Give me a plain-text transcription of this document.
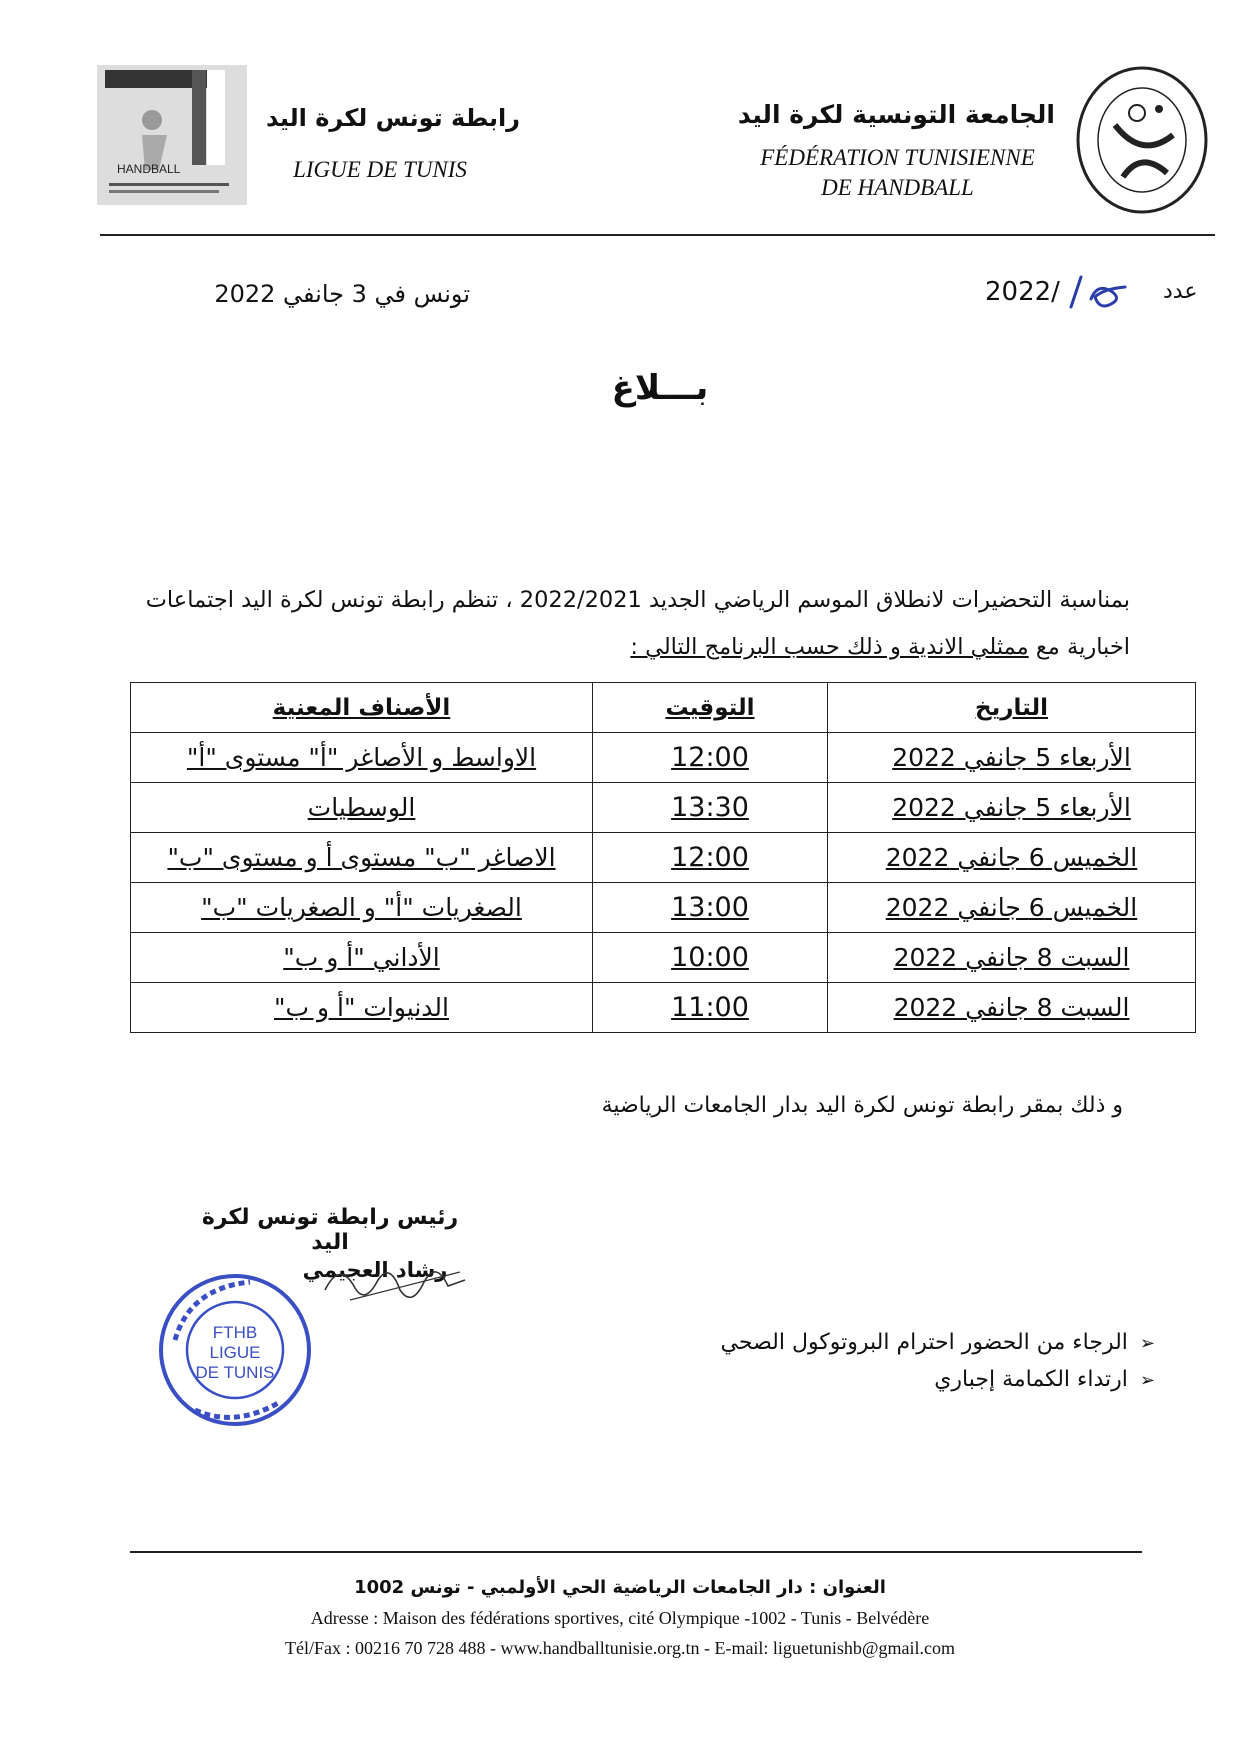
الجامعة التونسية لكرة اليد
FÉDÉRATION TUNISIENNE
DE HANDBALL
رابطة تونس لكرة اليد
LIGUE DE TUNIS
HANDBALL
2022/	عدد
تونس في 3 جانفي 2022
بـــلاغ
بمناسبة التحضيرات لانطلاق الموسم الرياضي الجديد 2022/2021 ، تنظم رابطة تونس لكرة اليد اجتماعات
اخبارية مع ممثلي الاندية و ذلك حسب البرنامج التالي :
التاريخ	التوقيت	الأصناف المعنية
الأربعاء 5 جانفي 2022	12:00	الاواسط و الأصاغر "أ" مستوى "أ"
الأربعاء 5 جانفي 2022	13:30	الوسطيات
الخميس 6 جانفي 2022	12:00	الاصاغر "ب" مستوى أ و مستوى "ب"
الخميس 6 جانفي 2022	13:00	الصغريات "أ" و الصغريات "ب"
السبت 8 جانفي 2022	10:00	الأداني "أ و ب"
السبت 8 جانفي 2022	11:00	الدنيوات "أ و ب"
و ذلك بمقر رابطة تونس لكرة اليد بدار الجامعات الرياضية
رئيس رابطة تونس لكرة اليد
رشاد العجيمي
FTHB
LIGUE
DE TUNIS
➢الرجاء من الحضور احترام البروتوكول الصحي
➢ارتداء الكمامة إجباري
العنوان : دار الجامعات الرياضية الحي الأولمبي - تونس 1002
Adresse : Maison des fédérations sportives, cité Olympique -1002 - Tunis - Belvédère
Tél/Fax : 00216 70 728 488 - www.handballtunisie.org.tn - E-mail: liguetunishb@gmail.com
